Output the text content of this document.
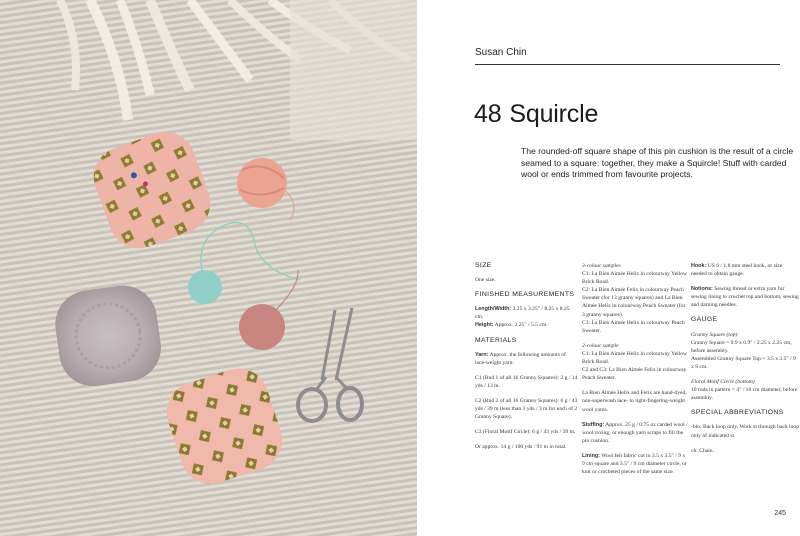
Susan Chin
48 Squircle

The rounded-off square shape of this pin cushion is the result of a circle seamed to a square: together, they make a Squircle! Stuff with carded wool or ends trimmed from favourite projects.

SIZE
One size.
FINISHED MEASUREMENTS
Length/Width: 3.25 x 3.25" / 8.25 x 8.25 cm.
Height: Approx. 2.25" / 5.5 cm.
MATERIALS
Yarn: Approx. the following amounts of lace-weight yarn:
C1 (Rnd 1 of all 16 Granny Squares): 2 g / 14 yds / 13 m.
C2 (Rnd 2 of all 16 Granny Squares): 6 g / 43 yds / 39 m (less than 3 yds / 3 m for each of 2 Granny Square).
C3 (Floral Motif Circle): 6 g / 43 yds / 39 m.
Or approx. 14 g / 100 yds / 91 m in total.
3-colour samples
C1: La Bien Aimée Helix in colourway Yellow Brick Road.
C2: La Bien Aimée Felix in colourway Peach Sweater (for 13 granny squares) and La Bien Aimée Helix in colourway Peach Sweater (for 3 granny squares).
C3: La Bien Aimée Helix in colourway Peach Sweater.
2-colour sample
C1: La Bien Aimée Helix in colourway Yellow Brick Road.
C2 and C3: La Bien Aimée Felix in colourway Peach Sweater.
La Bien Aimée Helix and Felix are hand-dyed, non-superwash lace- to light-fingering-weight wool yarns.
Stuffing: Approx. 25 g / 0.75 oz carded wool / wool roving, or enough yarn scraps to fill the pin cushion.
Lining: Wool felt fabric cut to 3.5 x 3.5" / 9 x 9 cm square and 3.5" / 9 cm diameter circle, or knit or crocheted pieces of the same size.
Hook: US 6 / 1.8 mm steel hook, or size needed to obtain gauge.
Notions: Sewing thread or extra yarn for sewing lining to crochet top and bottom, sewing and darning needles.
GAUGE
Granny Square (top)
Granny Square = 0.9 x 0.9" / 2.25 x 2.25 cm, before assembly.
Assembled Granny Square Top = 3.5 x 3.5" / 9 x 9 cm.
Floral Motif Circle (bottom)
10 rnds in pattern = 4" / 10 cm diameter, before assembly.
SPECIAL ABBREVIATIONS
-blo: Back loop only. Work st through back loop only of indicated st.
ch: Chain.
245
